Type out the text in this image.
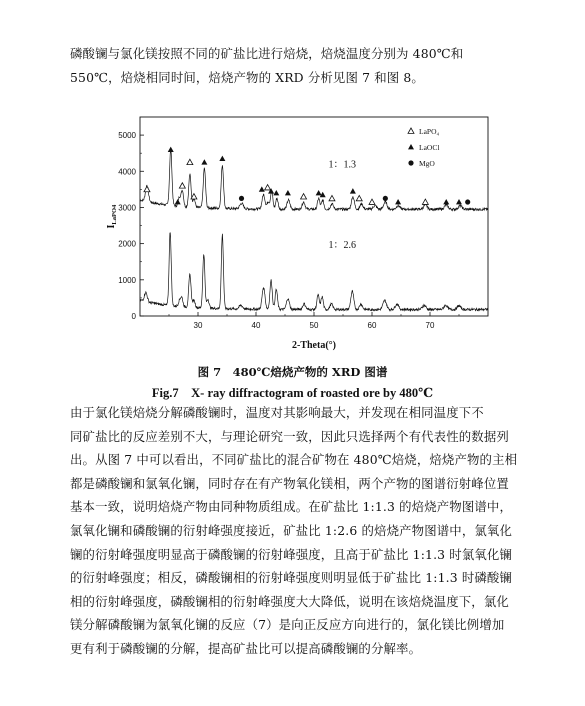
磷酸镧与氯化镁按照不同的矿盐比进行焙烧，焙烧温度分别为 480℃和
550℃，焙烧相同时间，焙烧产物的 XRD 分析见图 7 和图 8。
0
1000
2000
3000
4000
5000
30	40	50	60	70
LaPO₄
LaOCl
MgO
2-Theta(°)
$I_{LaPO4}$
1：1.3
1：2.6
图 7　480℃焙烧产物的 XRD 图谱
Fig.7　X- ray diffractogram of roasted ore by 480℃
由于氯化镁焙烧分解磷酸镧时，温度对其影响最大，并发现在相同温度下不
同矿盐比的反应差别不大，与理论研究一致，因此只选择两个有代表性的数据列
出。从图 7 中可以看出，不同矿盐比的混合矿物在 480℃焙烧，焙烧产物的主相
都是磷酸镧和氯氧化镧，同时存在有产物氧化镁相，两个产物的图谱衍射峰位置
基本一致，说明焙烧产物由同种物质组成。在矿盐比 1:1.3 的焙烧产物图谱中，
氯氧化镧和磷酸镧的衍射峰强度接近，矿盐比 1:2.6 的焙烧产物图谱中，氯氧化
镧的衍射峰强度明显高于磷酸镧的衍射峰强度，且高于矿盐比 1:1.3 时氯氧化镧
的衍射峰强度；相反，磷酸镧相的衍射峰强度则明显低于矿盐比 1:1.3 时磷酸镧
相的衍射峰强度，磷酸镧相的衍射峰强度大大降低，说明在该焙烧温度下，氯化
镁分解磷酸镧为氯氧化镧的反应（7）是向正反应方向进行的，氯化镁比例增加
更有利于磷酸镧的分解，提高矿盐比可以提高磷酸镧的分解率。
